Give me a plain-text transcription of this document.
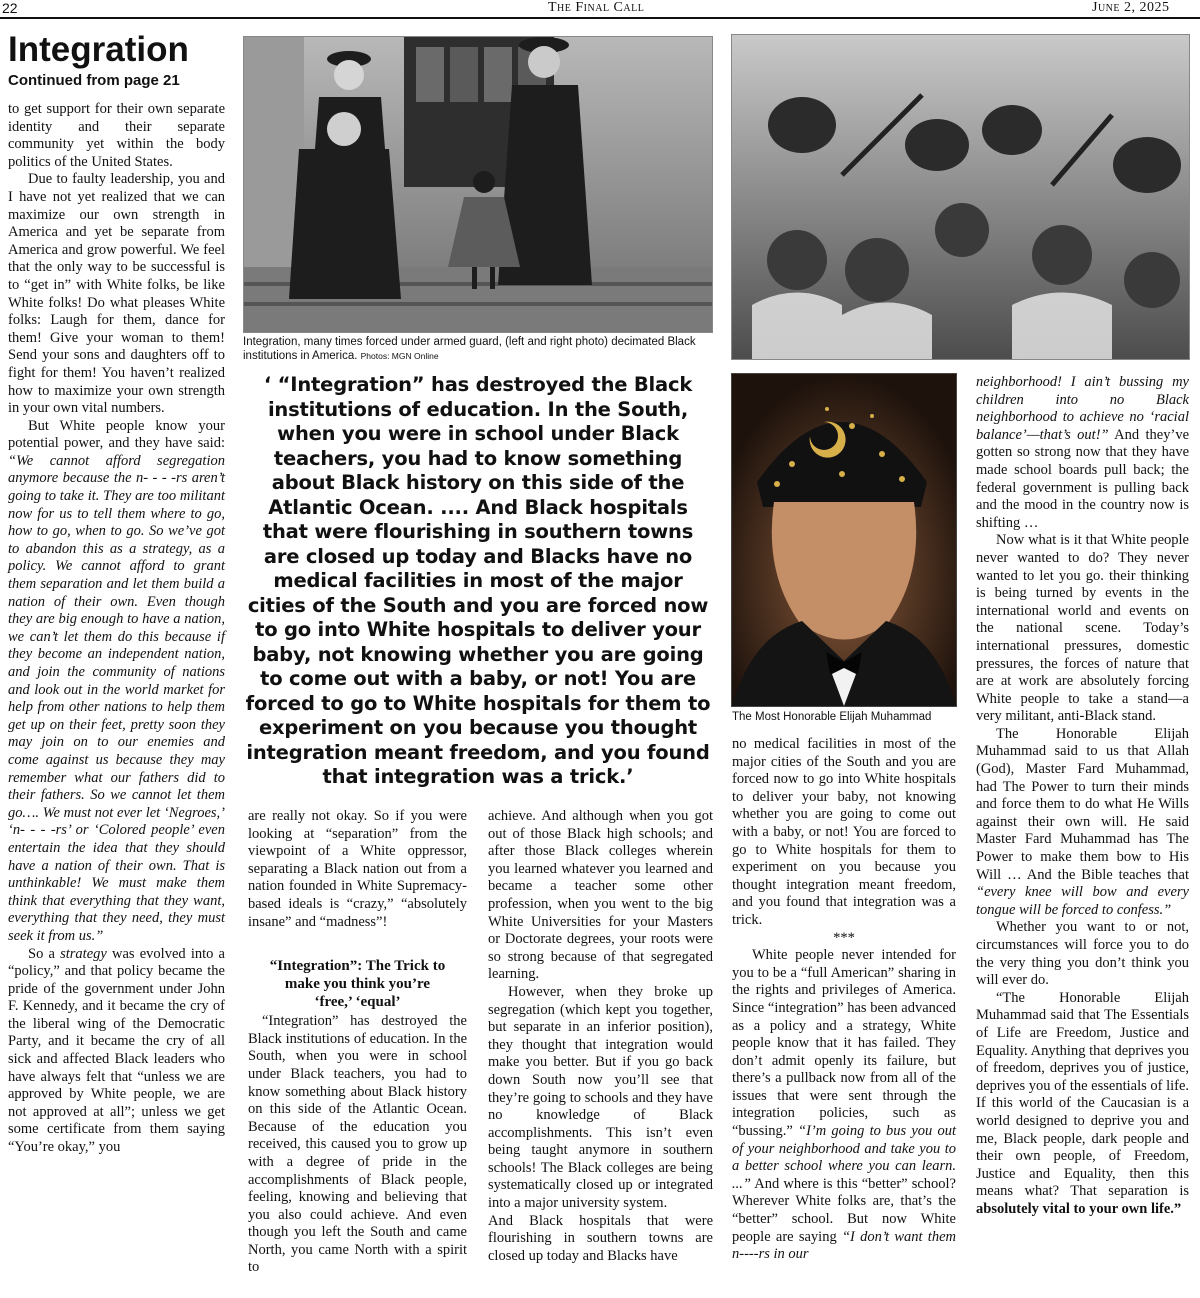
22	The Final Call	June 2, 2025
Integration
Continued from page 21

to get support for their own separate identity and their separate community yet within the body politics of the United States.

Due to faulty leadership, you and I have not yet realized that we can maximize our own strength in America and yet be separate from America and grow powerful. We feel that the only way to be successful is to “get in” with White folks, be like White folks! Do what pleases White folks: Laugh for them, dance for them! Give your woman to them! Send your sons and daughters off to fight for them! You haven’t realized how to maximize your own strength in your own vital numbers.

But White people know your potential power, and they have said: “We cannot afford segregation anymore because the n- - - -rs aren’t going to take it. They are too militant now for us to tell them where to go, how to go, when to go. So we’ve got to abandon this as a strategy, as a policy. We cannot afford to grant them separation and let them build a nation of their own. Even though they are big enough to have a nation, we can’t let them do this because if they become an independent nation, and join the community of nations and look out in the world market for help from other nations to help them get up on their feet, pretty soon they may join on to our enemies and come against us because they may remember what our fathers did to their fathers. So we cannot let them go…. We must not ever let ‘Negroes,’ ‘n- - - -rs’ or ‘Colored people’ even entertain the idea that they should have a nation of their own. That is unthinkable! We must make them think that everything that they want, everything that they need, they must seek it from us.”

So a strategy was evolved into a “policy,” and that policy became the pride of the government under John F. Kennedy, and it became the cry of the liberal wing of the Democratic Party, and it became the cry of all sick and affected Black leaders who have always felt that “unless we are approved by White people, we are not approved at all”; unless we get some certificate from them saying “You’re okay,” you

Integration, many times forced under armed guard, (left and right photo) decimated Black institutions in America. Photos: MGN Online
‘ “Integration” has destroyed the Black institutions of education. In the South, when you were in school under Black teachers, you had to know something about Black history on this side of the Atlantic Ocean. .... And Black hospitals that were flourishing in southern towns are closed up today and Blacks have no medical facilities in most of the major cities of the South and you are forced now to go into White hospitals to deliver your baby, not knowing whether you are going to come out with a baby, or not! You are forced to go to White hospitals for them to experiment on you because you thought integration meant freedom, and you found that integration was a trick.’

are really not okay. So if you were looking at “separation” from the viewpoint of a White oppressor, separating a Black nation out from a nation founded in White Supremacy-based ideals is “crazy,” “absolutely insane” and “madness”!

“Integration”: The Trick to make you think you’re ‘free,’ ‘equal’

“Integration” has destroyed the Black institutions of education. In the South, when you were in school under Black teachers, you had to know something about Black history on this side of the Atlantic Ocean. Because of the education you received, this caused you to grow up with a degree of pride in the accomplishments of Black people, feeling, knowing and believing that you also could achieve. And even though you left the South and came North, you came North with a spirit to

achieve. And although when you got out of those Black high schools; and after those Black colleges wherein you learned whatever you learned and became a teacher some other profession, when you went to the big White Universities for your Masters or Doctorate degrees, your roots were so strong because of that segregated learning.

However, when they broke up segregation (which kept you together, but separate in an inferior position), they thought that integration would make you better. But if you go back down South now you’ll see that they’re going to schools and they have no knowledge of Black accomplishments. This isn’t even being taught anymore in southern schools! The Black colleges are being systematically closed up or integrated into a major university system.

And Black hospitals that were flourishing in southern towns are closed up today and Blacks have

The Most Honorable Elijah Muhammad

no medical facilities in most of the major cities of the South and you are forced now to go into White hospitals to deliver your baby, not knowing whether you are going to come out with a baby, or not! You are forced to go to White hospitals for them to experiment on you because you thought integration meant freedom, and you found that integration was a trick.

***

White people never intended for you to be a “full American” sharing in the rights and privileges of America. Since “integration” has been advanced as a policy and a strategy, White people know that it has failed. They don’t admit openly its failure, but there’s a pullback now from all of the issues that were sent through the integration policies, such as “bussing.” “I’m going to bus you out of your neighborhood and take you to a better school where you can learn. ...” And where is this “better” school? Wherever White folks are, that’s the “better” school. But now White people are saying “I don’t want them n----rs in our

neighborhood! I ain’t bussing my children into no Black neighborhood to achieve no ‘racial balance’—that’s out!” And they’ve gotten so strong now that they have made school boards pull back; the federal government is pulling back and the mood in the country now is shifting …

Now what is it that White people never wanted to do? They never wanted to let you go. their thinking is being turned by events in the international world and events on the national scene. Today’s international pressures, domestic pressures, the forces of nature that are at work are absolutely forcing White people to take a stand—a very militant, anti-Black stand.

The Honorable Elijah Muhammad said to us that Allah (God), Master Fard Muhammad, had The Power to turn their minds and force them to do what He Wills against their own will. He said Master Fard Muhammad has The Power to make them bow to His Will … And the Bible teaches that “every knee will bow and every tongue will be forced to confess.”

Whether you want to or not, circumstances will force you to do the very thing you don’t think you will ever do.

“The Honorable Elijah Muhammad said that The Essentials of Life are Freedom, Justice and Equality. Anything that deprives you of freedom, deprives you of justice, deprives you of the essentials of life. If this world of the Caucasian is a world designed to deprive you and me, Black people, dark people and their own people, of Freedom, Justice and Equality, then this means what? That separation is absolutely vital to your own life.”
